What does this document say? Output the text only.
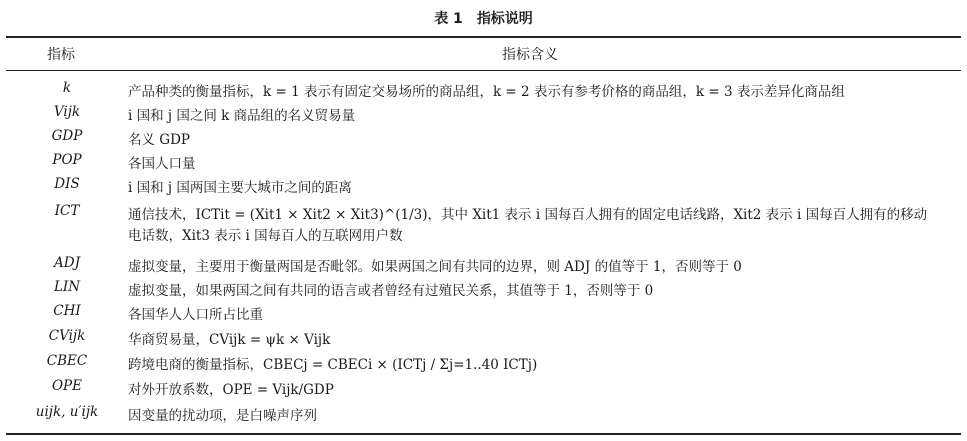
表 1 指标说明
指标	指标含义
k	产品种类的衡量指标，k = 1 表示有固定交易场所的商品组，k = 2 表示有参考价格的商品组，k = 3 表示差异化商品组
Vijk	i 国和 j 国之间 k 商品组的名义贸易量
GDP	名义 GDP
POP	各国人口量
DIS	i 国和 j 国两国主要大城市之间的距离
ICT	通信技术，ICTit = (Xit1 × Xit2 × Xit3)^(1/3)，其中 Xit1 表示 i 国每百人拥有的固定电话线路，Xit2 表示 i 国每百人拥有的移动
电话数，Xit3 表示 i 国每百人的互联网用户数
ADJ	虚拟变量，主要用于衡量两国是否毗邻。如果两国之间有共同的边界，则 ADJ 的值等于 1，否则等于 0
LIN	虚拟变量，如果两国之间有共同的语言或者曾经有过殖民关系，其值等于 1，否则等于 0
CHI	各国华人人口所占比重
CVijk	华商贸易量，CVijk = ψk × Vijk
CBEC	跨境电商的衡量指标，CBECj = CBECi × (ICTj / Σj=1..40 ICTj)
OPE	对外开放系数，OPE = Vijk/GDP
uijk, u′ijk	因变量的扰动项，是白噪声序列
